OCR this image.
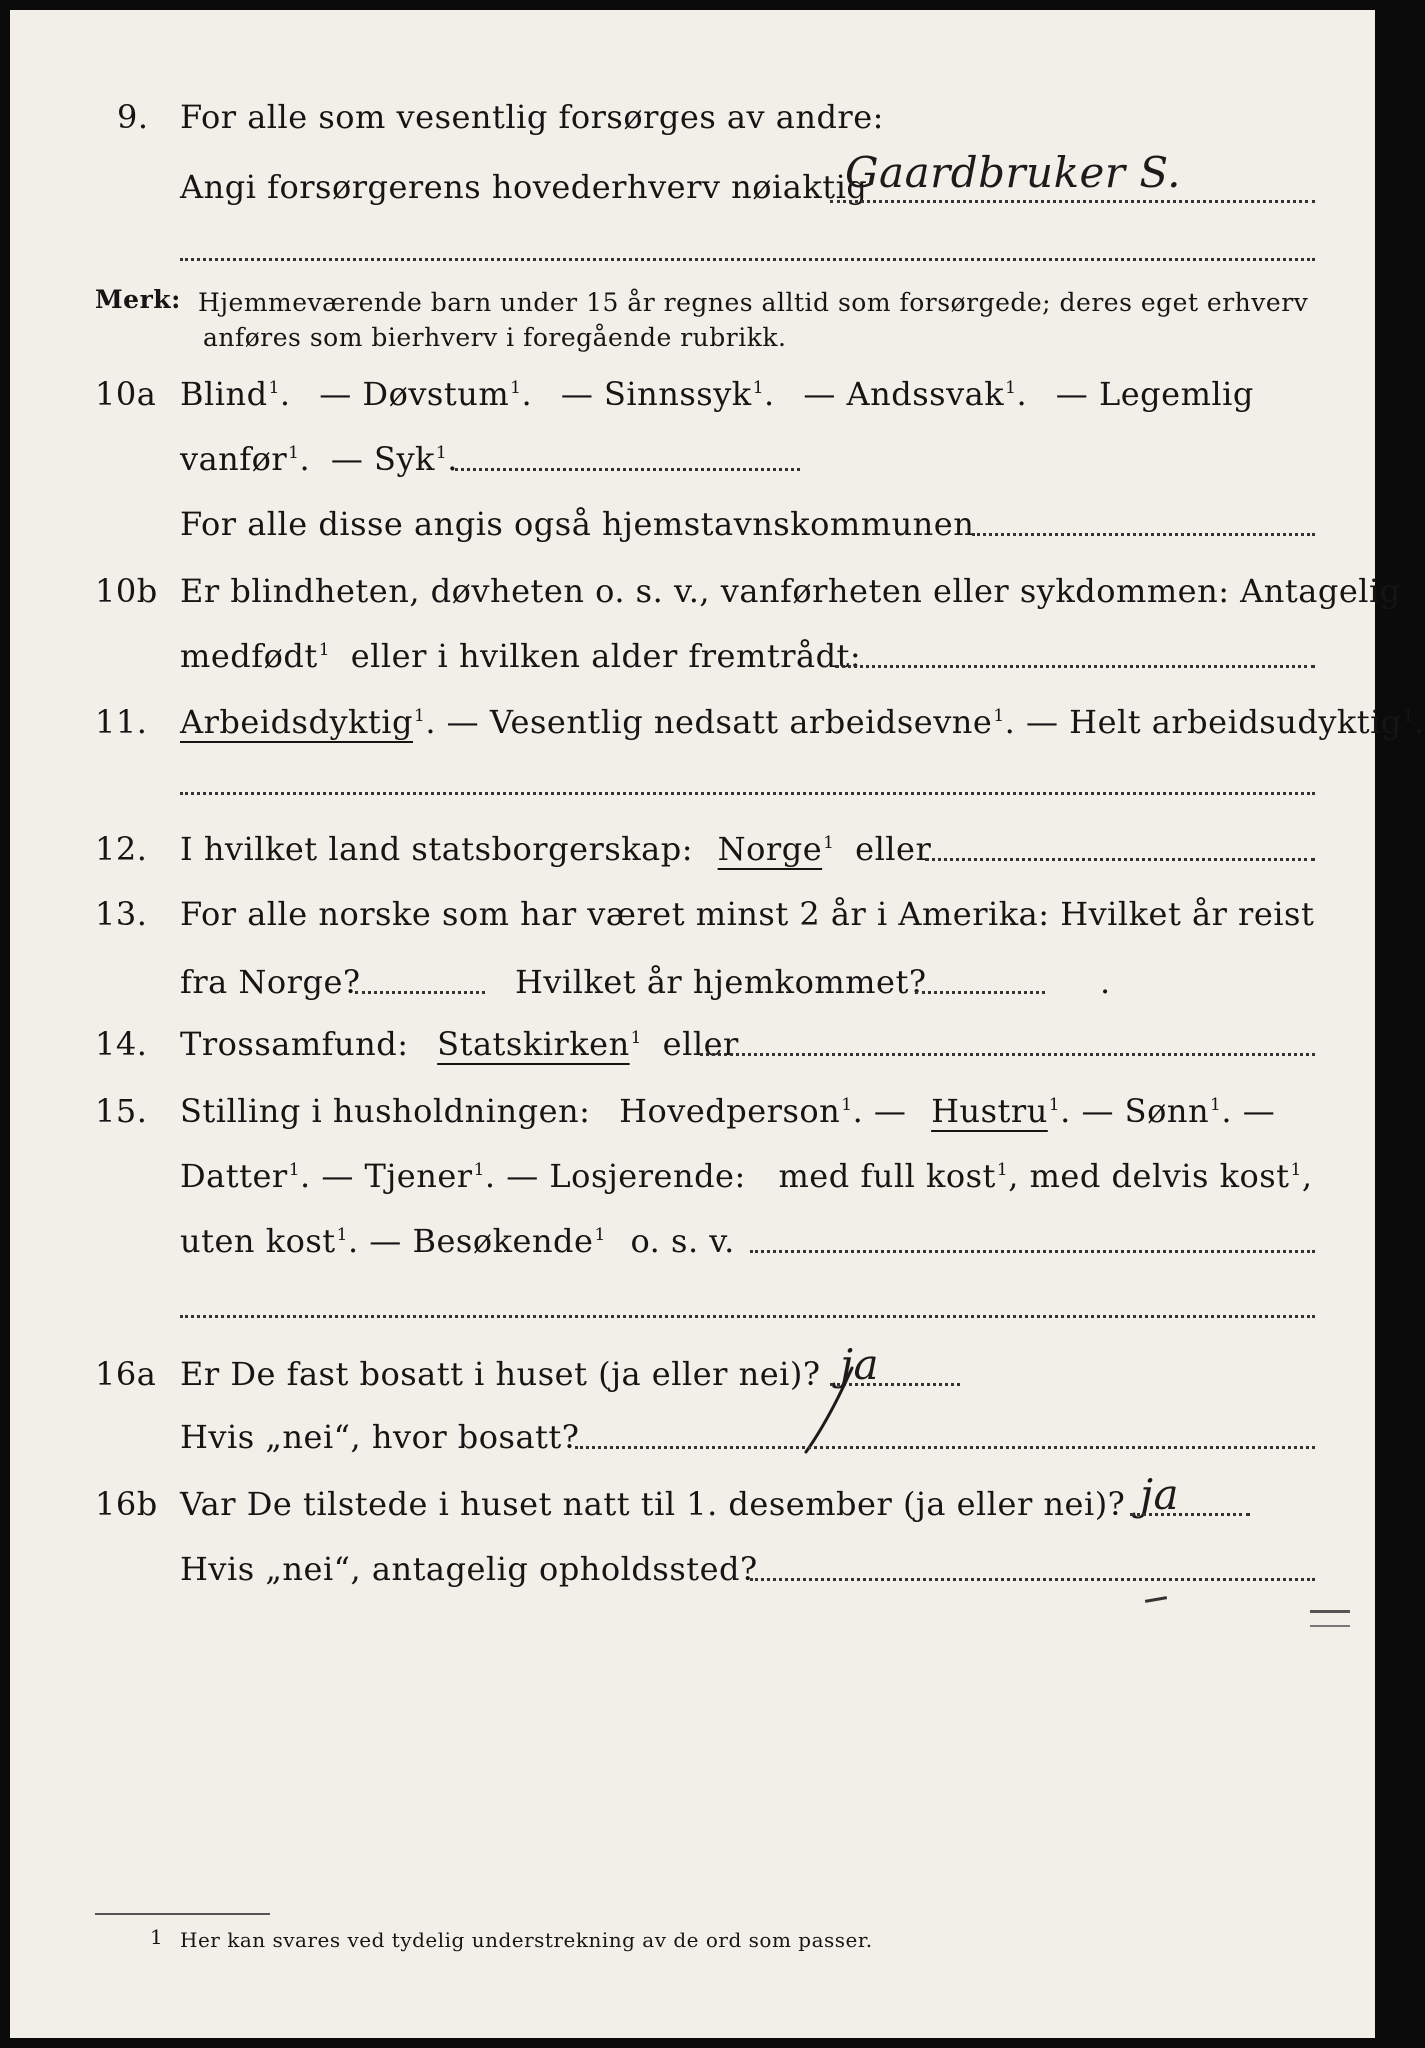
9. For alle som vesentlig forsørges av andre:
Angi forsørgerens hovederhverv nøiaktig
Gaardbruker S.
Merk: Hjemmeværende barn under 15 år regnes alltid som forsørgede; deres eget erhverv
anføres som bierhverv i foregående rubrikk.
10a Blind$^1$. — Døvstum$^1$. — Sinnssyk$^1$. — Andssvak$^1$. — Legemlig
vanfør$^1$. — Syk$^1$.
For alle disse angis også hjemstavnskommunen
10b Er blindheten, døvheten o. s. v., vanførheten eller sykdommen: Antagelig
medfødt$^1$ eller i hvilken alder fremtrådt:
11. Arbeidsdyktig$^1$. — Vesentlig nedsatt arbeidsevne$^1$. — Helt arbeidsudyktig$^1$.
12. I hvilket land statsborgerskap: Norge$^1$ eller
13. For alle norske som har været minst 2 år i Amerika: Hvilket år reist
fra Norge?	Hvilket år hjemkommet?	.
14. Trossamfund: Statskirken$^1$ eller
15. Stilling i husholdningen: Hovedperson$^1$. — Hustru$^1$. — Sønn$^1$. —
Datter$^1$. — Tjener$^1$. — Losjerende: med full kost$^1$, med delvis kost$^1$,
uten kost$^1$. — Besøkende$^1$ o. s. v.
16a Er De fast bosatt i huset (ja eller nei)? ja
Hvis „nei“, hvor bosatt?
16b Var De tilstede i huset natt til 1. desember (ja eller nei)? ja
Hvis „nei“, antagelig opholdssted?
1 Her kan svares ved tydelig understrekning av de ord som passer.
